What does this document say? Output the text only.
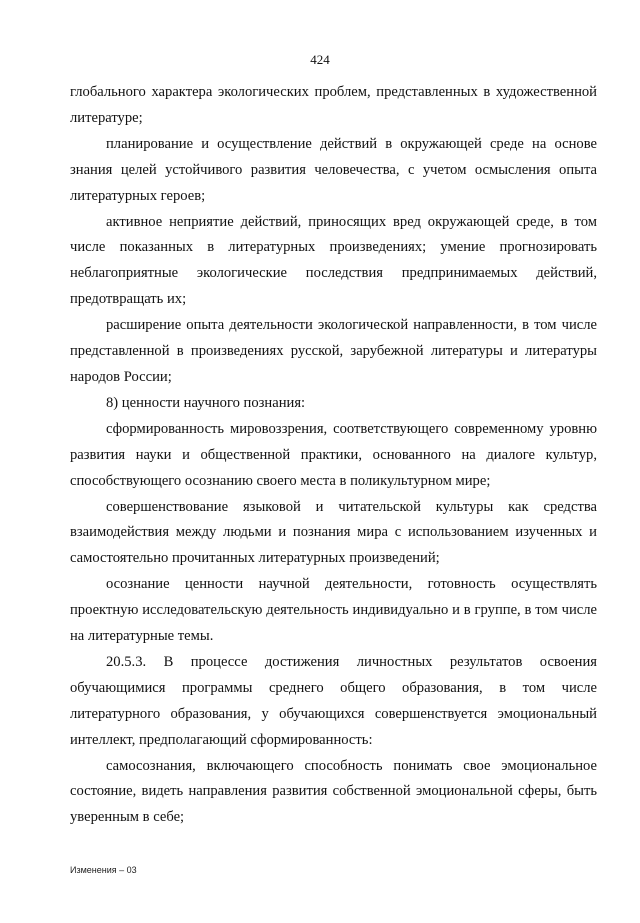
424

глобального характера экологических проблем, представленных в художественной литературе;

планирование и осуществление действий в окружающей среде на основе знания целей устойчивого развития человечества, с учетом осмысления опыта литературных героев;

активное неприятие действий, приносящих вред окружающей среде, в том числе показанных в литературных произведениях; умение прогнозировать неблагоприятные экологические последствия предпринимаемых действий, предотвращать их;

расширение опыта деятельности экологической направленности, в том числе представленной в произведениях русской, зарубежной литературы и литературы народов России;

8) ценности научного познания:

сформированность мировоззрения, соответствующего современному уровню развития науки и общественной практики, основанного на диалоге культур, способствующего осознанию своего места в поликультурном мире;

совершенствование языковой и читательской культуры как средства взаимодействия между людьми и познания мира с использованием изученных и самостоятельно прочитанных литературных произведений;

осознание ценности научной деятельности, готовность осуществлять проектную исследовательскую деятельность индивидуально и в группе, в том числе на литературные темы.

20.5.3. В процессе достижения личностных результатов освоения обучающимися программы среднего общего образования, в том числе литературного образования, у обучающихся совершенствуется эмоциональный интеллект, предполагающий сформированность:

самосознания, включающего способность понимать свое эмоциональное состояние, видеть направления развития собственной эмоциональной сферы, быть уверенным в себе;

Изменения – 03
